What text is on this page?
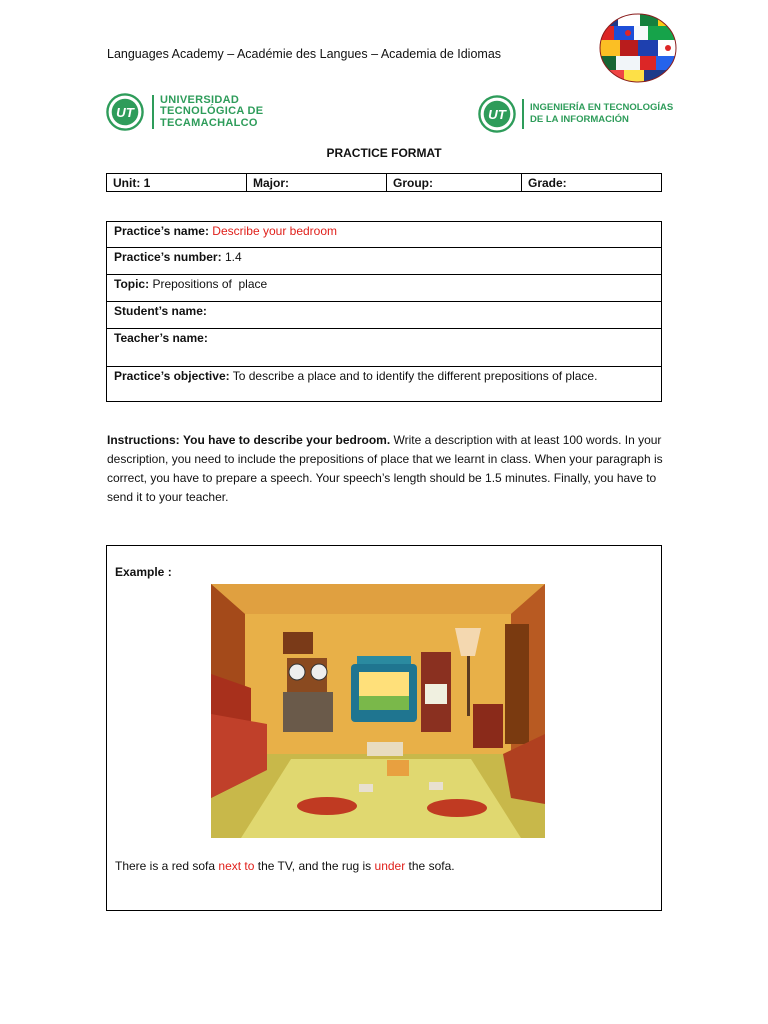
Languages Academy – Académie des Langues – Academia de Idiomas
UT
UNIVERSIDAD
TECNOLÓGICA DE
TECAMACHALCO
UT	INGENIERÍA EN TECNOLOGÍAS
DE LA INFORMACIÓN
PRACTICE FORMAT
Unit: 1	Major:	Group:	Grade:
Practice’s name: Describe your bedroom
Practice’s number: 1.4
Topic: Prepositions of  place
Student’s name:
Teacher’s name:
Practice’s objective: To describe a place and to identify the different prepositions of place.
Instructions: You have to describe your bedroom. Write a description with at least 100 words. In your description, you need to include the prepositions of place that we learnt in class. When your paragraph is correct, you have to prepare a speech. Your speech’s length should be 1.5 minutes. Finally, you have to send it to your teacher.
Example :
There is a red sofa next to the TV, and the rug is under the sofa.
